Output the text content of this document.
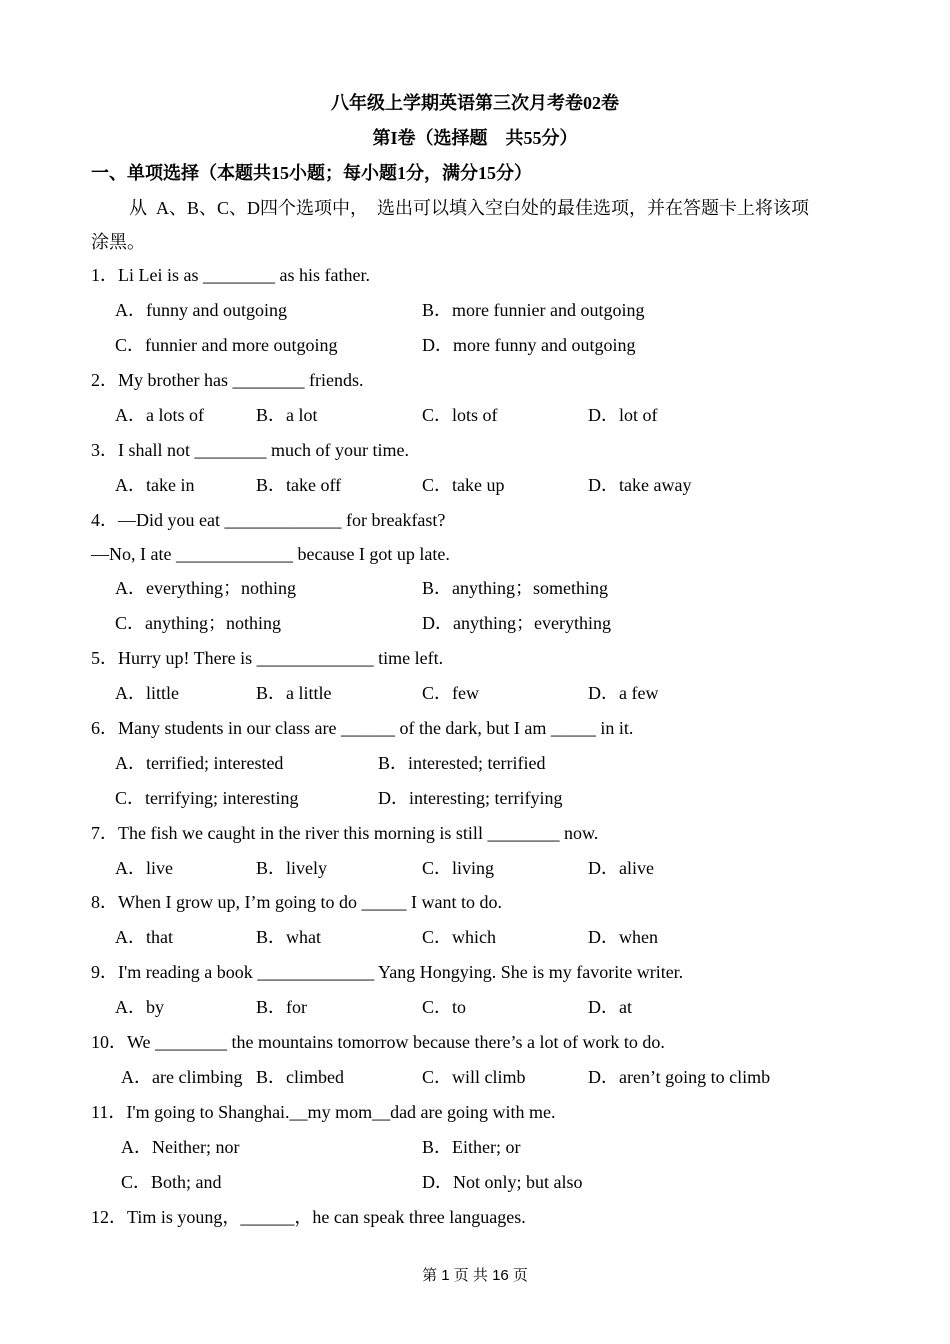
八年级上学期英语第三次月考卷02卷
第I卷（选择题　共55分）
一、单项选择（本题共15小题；每小题1分，满分15分）
从  A、B、C、D四个选项中，  选出可以填入空白处的最佳选项，并在答题卡上将该项
涂黑。
1．Li Lei is as ________ as his father.
A．funny and outgoing	B．more funnier and outgoing
C．funnier and more outgoing	D．more funny and outgoing
2．My brother has ________ friends.
A．a lots of	B．a lot	C．lots of	D．lot of
3．I shall not ________ much of your time.
A．take in	B．take off	C．take up	D．take away
4．—Did you eat _____________ for breakfast?
—No, I ate _____________ because I got up late.
A．everything；nothing	B．anything；something
C．anything；nothing	D．anything；everything
5．Hurry up! There is _____________ time left.
A．little	B．a little	C．few	D．a few
6．Many students in our class are ______ of the dark, but I am _____ in it.
A．terrified; interested	B．interested; terrified
C．terrifying; interesting	D．interesting; terrifying
7．The fish we caught in the river this morning is still ________ now.
A．live	B．lively	C．living	D．alive
8．When I grow up, I’m going to do _____ I want to do.
A．that	B．what	C．which	D．when
9．I'm reading a book _____________ Yang Hongying. She is my favorite writer.
A．by	B．for	C．to	D．at
10．We ________ the mountains tomorrow because there’s a lot of work to do.
A．are climbing B．climbed	C．will climb	D．aren’t going to climb
11．I'm going to Shanghai.__my mom__dad are going with me.
A．Neither; nor	B．Either; or
C．Both; and	D．Not only; but also
12．Tim is young，______，he can speak three languages.
第 1 页 共 16 页
